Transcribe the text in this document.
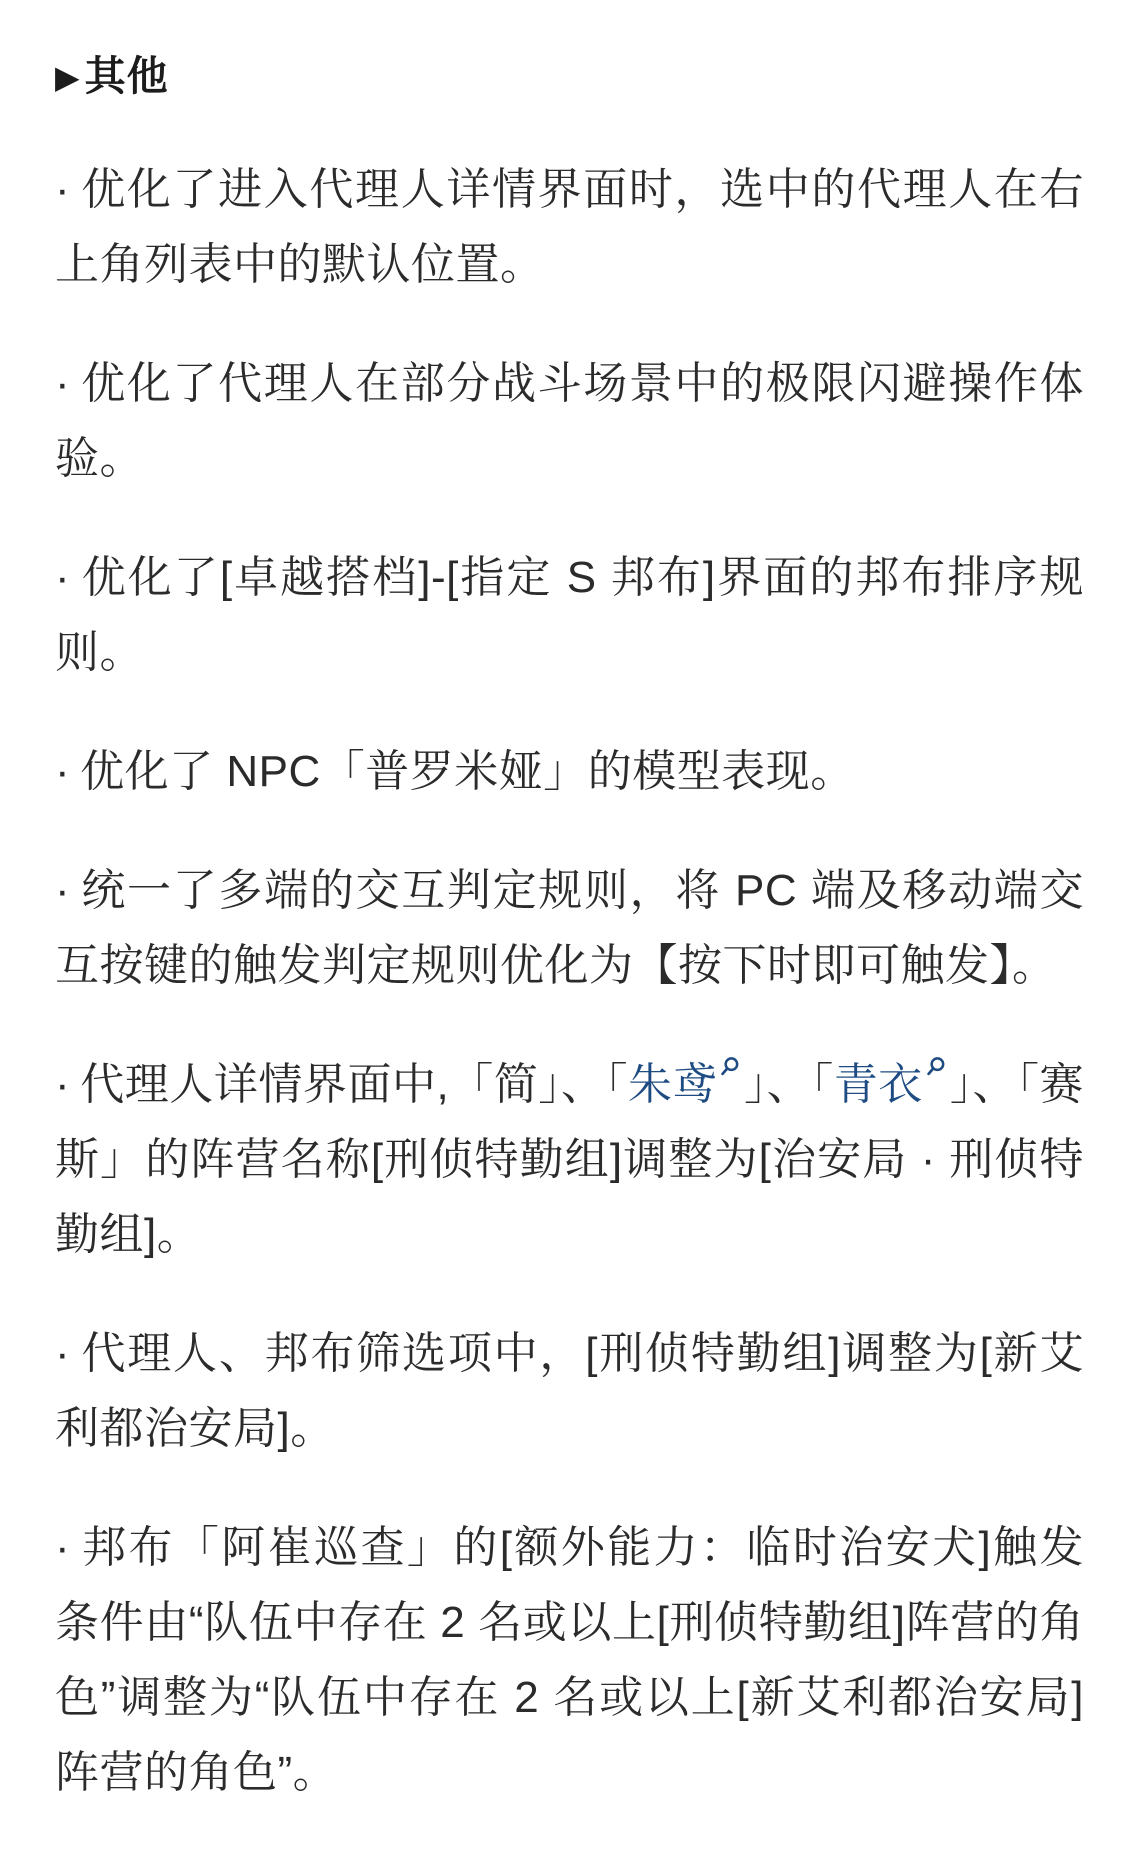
▶其他

· 优化了进入代理人详情界面时，选中的代理人在右上角列表中的默认位置。

· 优化了代理人在部分战斗场景中的极限闪避操作体验。

· 优化了[卓越搭档]-[指定 S 邦布]界面的邦布排序规则。

· 优化了 NPC「普罗米娅」的模型表现。

· 统一了多端的交互判定规则，将 PC 端及移动端交互按键的触发判定规则优化为【按下时即可触发】。

· 代理人详情界面中,「简」、「朱鸢 」、「青衣 」、「赛斯」的阵营名称[刑侦特勤组]调整为[治安局 · 刑侦特勤组]。

· 代理人、邦布筛选项中，[刑侦特勤组]调整为[新艾利都治安局]。

· 邦布「阿崔巡查」的[额外能力：临时治安犬]触发条件由“队伍中存在 2 名或以上[刑侦特勤组]阵营的角色”调整为“队伍中存在 2 名或以上[新艾利都治安局]阵营的角色”。
